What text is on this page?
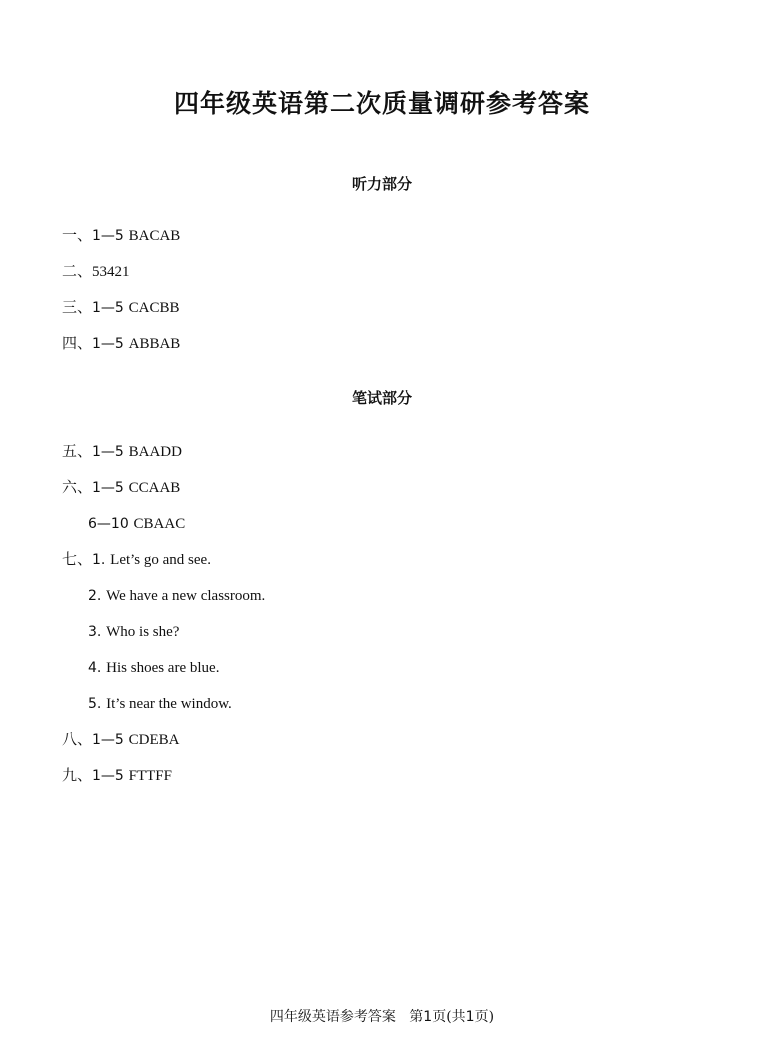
四年级英语第二次质量调研参考答案
听力部分
一、1—5 BACAB
二、53421
三、1—5 CACBB
四、1—5 ABBAB
笔试部分
五、1—5 BAADD
六、1—5 CCAAB
6—10 CBAAC
七、1. Let’s go and see.
2. We have a new classroom.
3. Who is she?
4. His shoes are blue.
5. It’s near the window.
八、1—5 CDEBA
九、1—5 FTTFF
四年级英语参考答案 第1页(共1页)
